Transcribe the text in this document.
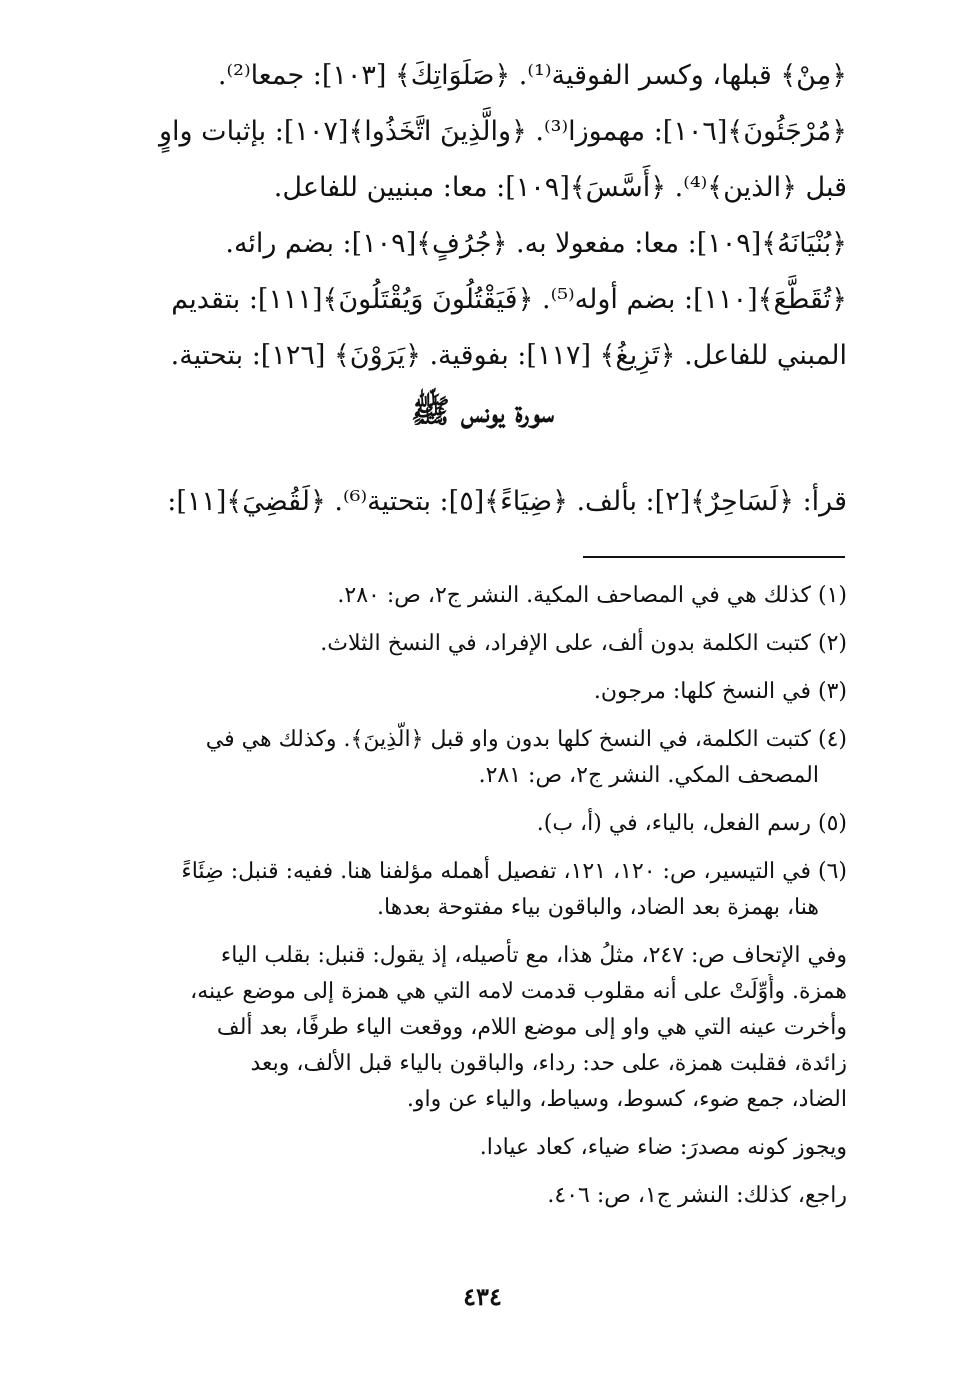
﴿مِنْ﴾ قبلها، وكسر الفوقية⁽¹⁾. ﴿صَلَوَاتِكَ﴾ [١٠٣]: جمعا⁽²⁾.
﴿مُرْجَئُونَ﴾[١٠٦]: مهموزا⁽³⁾. ﴿والَّذِينَ اتَّخَذُوا﴾[١٠٧]: بإثبات واوٍ
قبل ﴿الذين﴾⁽⁴⁾. ﴿أَسَّسَ﴾[١٠٩]: معا: مبنيين للفاعل.
﴿بُنْيَانَهُ﴾[١٠٩]: معا: مفعولا به. ﴿جُرُفٍ﴾[١٠٩]: بضم رائه.
﴿تُقَطَّعَ﴾[١١٠]: بضم أوله⁽⁵⁾. ﴿فَيَقْتُلُونَ وَيُقْتَلُونَ﴾[١١١]: بتقديم
المبني للفاعل. ﴿تَزِيغُ﴾ [١١٧]: بفوقية. ﴿يَرَوْنَ﴾ [١٢٦]: بتحتية.
سورة يونس ﷺ
قرأ: ﴿لَسَاحِرٌ﴾[٢]: بألف. ﴿ضِيَاءً﴾[٥]: بتحتية⁽⁶⁾. ﴿لَقُضِيَ﴾[١١]:
(١) كذلك هي في المصاحف المكية. النشر ج٢، ص: ٢٨٠.
(٢) كتبت الكلمة بدون ألف، على الإفراد، في النسخ الثلاث.
(٣) في النسخ كلها: مرجون.
(٤) كتبت الكلمة، في النسخ كلها بدون واو قبل ﴿الَّذِينَ﴾. وكذلك هي في
المصحف المكي. النشر ج٢، ص: ٢٨١.
(٥) رسم الفعل، بالياء، في (أ، ب).
(٦) في التيسير، ص: ١٢٠، ١٢١، تفصيل أهمله مؤلفنا هنا. ففيه: قنبل: ضِئَاءً
هنا، بهمزة بعد الضاد، والباقون بياء مفتوحة بعدها.
وفي الإتحاف ص: ٢٤٧، مثلُ هذا، مع تأصيله، إذ يقول: قنبل: بقلب الياء
همزة. وأُوِّلَتْ على أنه مقلوب قدمت لامه التي هي همزة إلى موضع عينه،
وأخرت عينه التي هي واو إلى موضع اللام، ووقعت الياء طرفًا، بعد ألف
زائدة، فقلبت همزة، على حد: رداء، والباقون بالياء قبل الألف، وبعد
الضاد، جمع ضوء، كسوط، وسياط، والياء عن واو.
ويجوز كونه مصدرَ: ضاء ضياء، كعاد عيادا.
راجع، كذلك: النشر ج١، ص: ٤٠٦.
٤٣٤
